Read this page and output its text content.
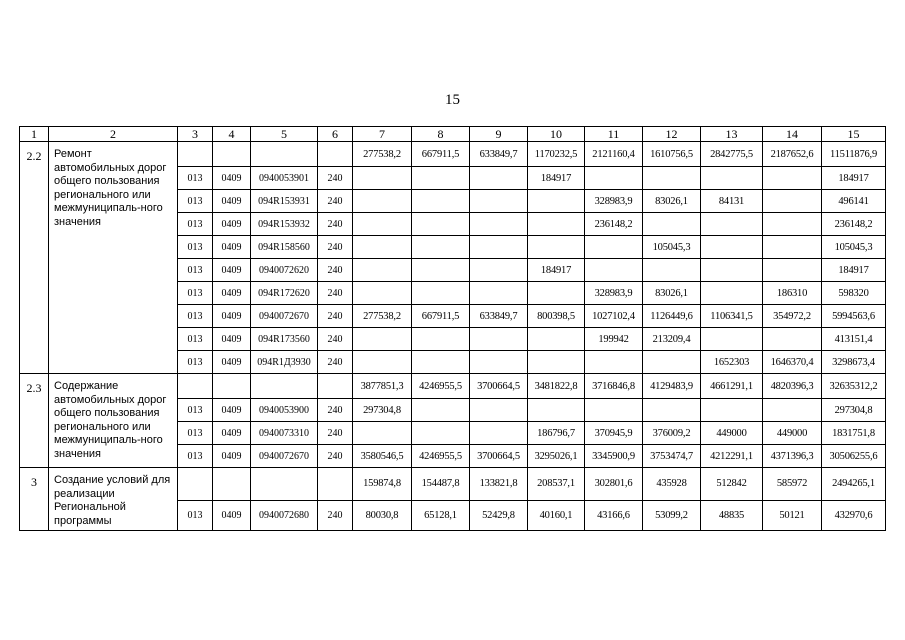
15
1	2	3	4	5	6	7	8	9	10	11	12	13	14	15
2.2	Ремонт автомобильных дорог общего пользования регионального или межмуниципаль-ного значения					277538,2	667911,5	633849,7	1170232,5	2121160,4	1610756,5	2842775,5	2187652,6	11511876,9
		013	0409	0940053901	240				184917					184917
		013	0409	094R153931	240					328983,9	83026,1	84131		496141
		013	0409	094R153932	240					236148,2				236148,2
		013	0409	094R158560	240						105045,3			105045,3
		013	0409	0940072620	240				184917					184917
		013	0409	094R172620	240					328983,9	83026,1		186310	598320
		013	0409	0940072670	240	277538,2	667911,5	633849,7	800398,5	1027102,4	1126449,6	1106341,5	354972,2	5994563,6
		013	0409	094R173560	240					199942	213209,4			413151,4
		013	0409	094R1Д3930	240							1652303	1646370,4	3298673,4
2.3	Содержание автомобильных дорог общего пользования регионального или межмуниципаль-ного значения					3877851,3	4246955,5	3700664,5	3481822,8	3716846,8	4129483,9	4661291,1	4820396,3	32635312,2
		013	0409	0940053900	240	297304,8								297304,8
		013	0409	0940073310	240				186796,7	370945,9	376009,2	449000	449000	1831751,8
		013	0409	0940072670	240	3580546,5	4246955,5	3700664,5	3295026,1	3345900,9	3753474,7	4212291,1	4371396,3	30506255,6
3	Создание условий для реализации Региональной программы					159874,8	154487,8	133821,8	208537,1	302801,6	435928	512842	585972	2494265,1
		013	0409	0940072680	240	80030,8	65128,1	52429,8	40160,1	43166,6	53099,2	48835	50121	432970,6
